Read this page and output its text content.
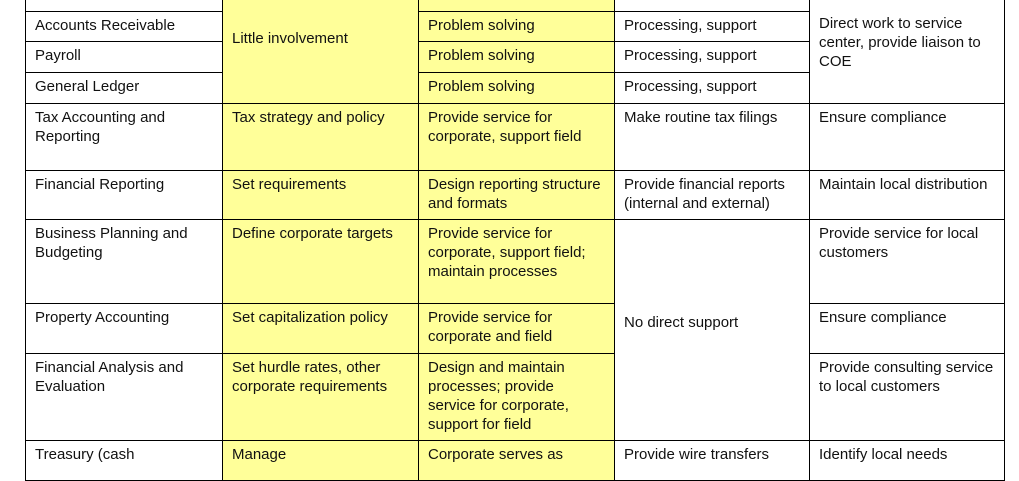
	Little involvement			Direct work to service center, provide liaison to COE
Accounts Receivable		Problem solving	Processing, support	
Payroll		Problem solving	Processing, support	
General Ledger		Problem solving	Processing, support	
Tax Accounting and Reporting	Tax strategy and policy	Provide service for corporate, support field	Make routine tax filings	Ensure compliance
Financial Reporting	Set requirements	Design reporting structure and formats	Provide financial reports (internal and external)	Maintain local distribution
Business Planning and Budgeting	Define corporate targets	Provide service for corporate, support field; maintain processes	No direct support	Provide service for local customers
Property Accounting	Set capitalization policy	Provide service for corporate and field		Ensure compliance
Financial Analysis and Evaluation	Set hurdle rates, other corporate requirements	Design and maintain processes; provide service for corporate, support for field		Provide consulting service to local customers
Treasury (cash	Manage	Corporate serves as	Provide wire transfers	Identify local needs
